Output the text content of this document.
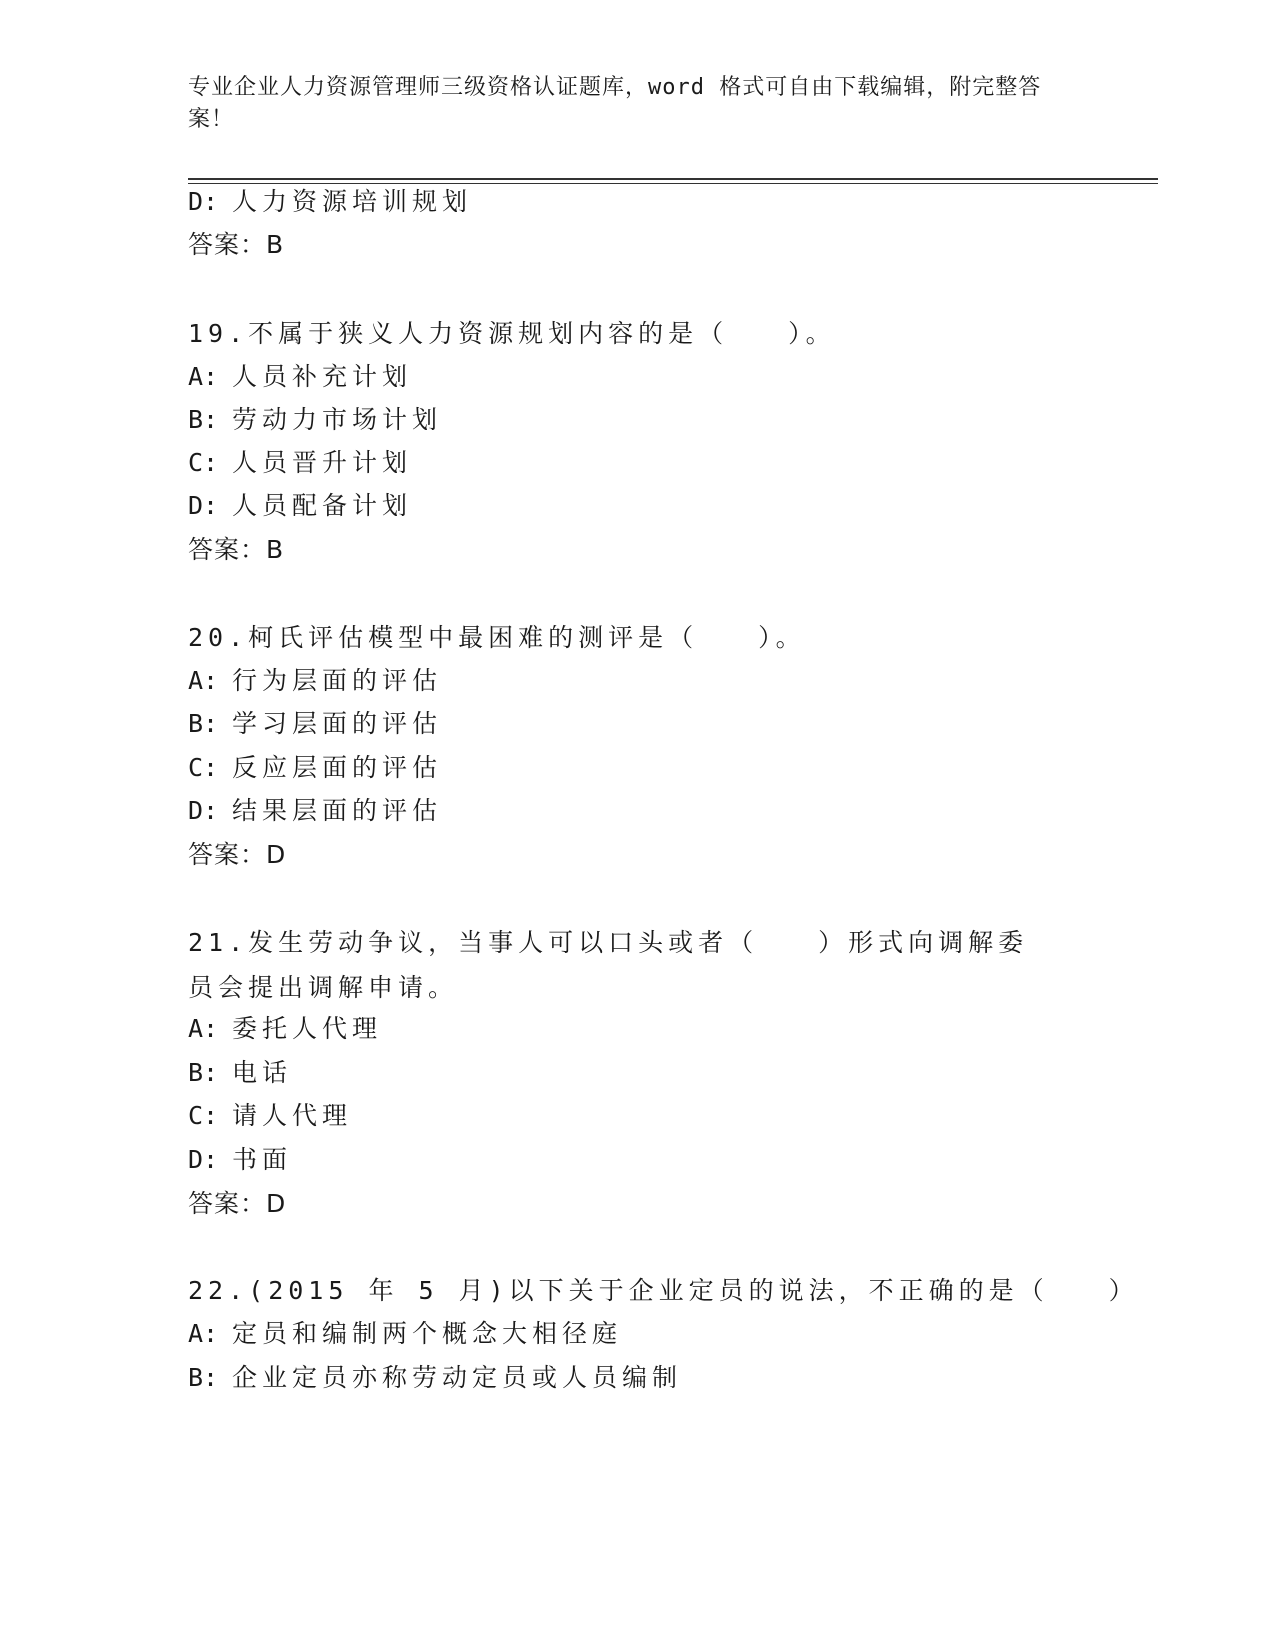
专业企业人力资源管理师三级资格认证题库，word 格式可自由下载编辑，附完整答案！
D: 人力资源培训规划
答案：B
19.不属于狭义人力资源规划内容的是（　　）。
A: 人员补充计划
B: 劳动力市场计划
C: 人员晋升计划
D: 人员配备计划
答案：B
20.柯氏评估模型中最困难的测评是（　　）。
A: 行为层面的评估
B: 学习层面的评估
C: 反应层面的评估
D: 结果层面的评估
答案：D
21.发生劳动争议，当事人可以口头或者（　　）形式向调解委员会提出调解申请。
A: 委托人代理
B: 电话
C: 请人代理
D: 书面
答案：D
22.(2015 年 5 月)以下关于企业定员的说法，不正确的是（　　）
A: 定员和编制两个概念大相径庭
B: 企业定员亦称劳动定员或人员编制
